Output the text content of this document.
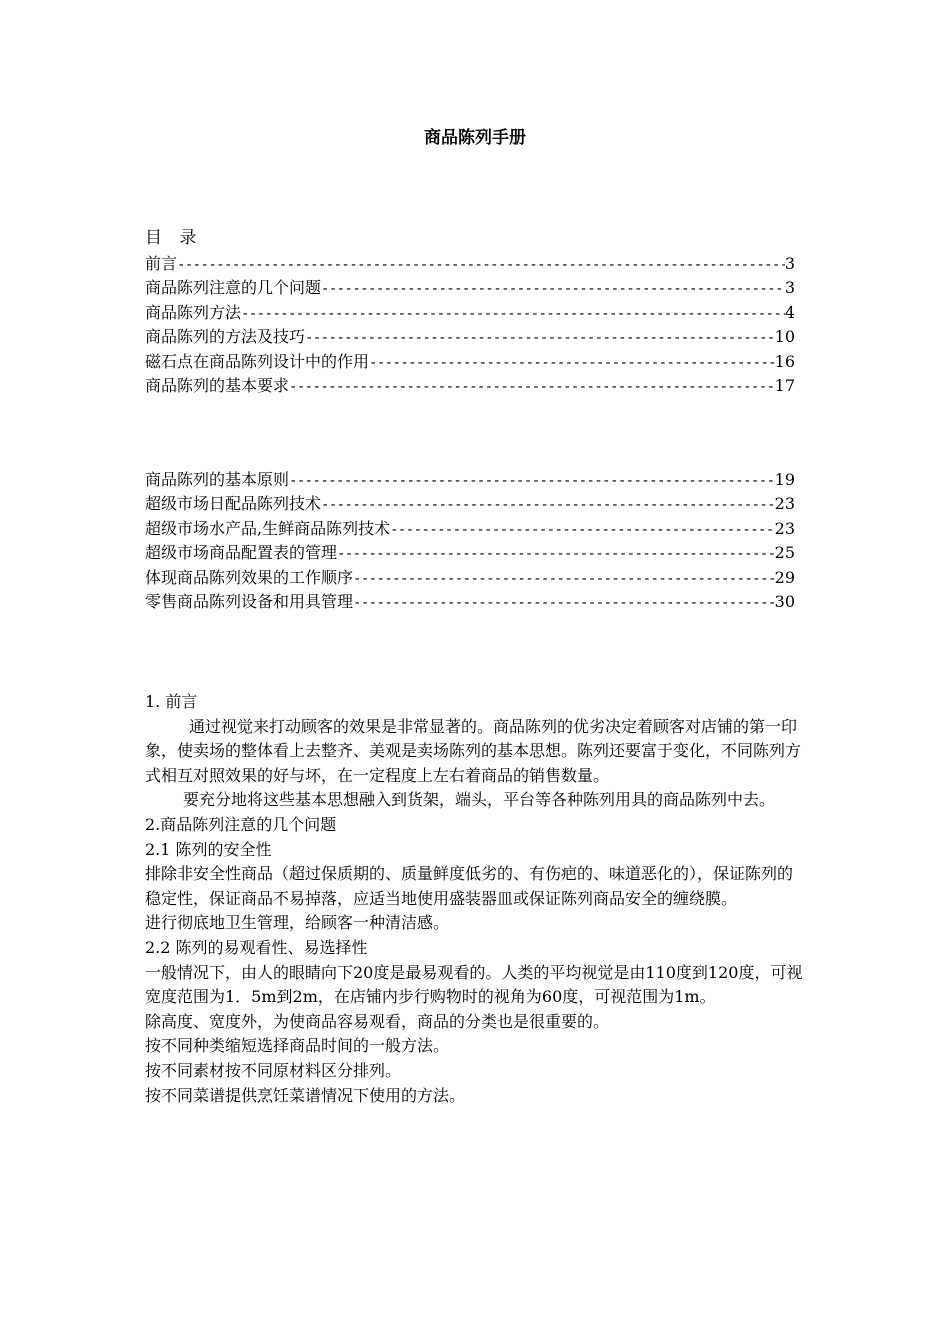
商品陈列手册
目 录
前言 -----	3
商品陈列注意的几个问题 -----	3
商品陈列方法 -----	4
商品陈列的方法及技巧 -----	10
磁石点在商品陈列设计中的作用 -----	16
商品陈列的基本要求 -----	17
商品陈列的基本原则 -----	19
超级市场日配品陈列技术 -----	23
超级市场水产品,生鲜商品陈列技术 -----	23
超级市场商品配置表的管理 -----	25
体现商品陈列效果的工作顺序 -----	29
零售商品陈列设备和用具管理 -----	30

1. 前言

通过视觉来打动顾客的效果是非常显著的。商品陈列的优劣决定着顾客对店铺的第一印象，使卖场的整体看上去整齐、美观是卖场陈列的基本思想。陈列还要富于变化，不同陈列方式相互对照效果的好与坏，在一定程度上左右着商品的销售数量。

要充分地将这些基本思想融入到货架，端头，平台等各种陈列用具的商品陈列中去。

2.商品陈列注意的几个问题

2.1 陈列的安全性

排除非安全性商品（超过保质期的、质量鲜度低劣的、有伤疤的、味道恶化的），保证陈列的稳定性，保证商品不易掉落，应适当地使用盛装器皿或保证陈列商品安全的缠绕膜。

进行彻底地卫生管理，给顾客一种清洁感。

2.2 陈列的易观看性、易选择性

一般情况下，由人的眼睛向下20度是最易观看的。人类的平均视觉是由110度到120度，可视宽度范围为1．5m到2m，在店铺内步行购物时的视角为60度，可视范围为1m。

除高度、宽度外，为使商品容易观看，商品的分类也是很重要的。

按不同种类缩短选择商品时间的一般方法。

按不同素材按不同原材料区分排列。

按不同菜谱提供烹饪菜谱情况下使用的方法。
